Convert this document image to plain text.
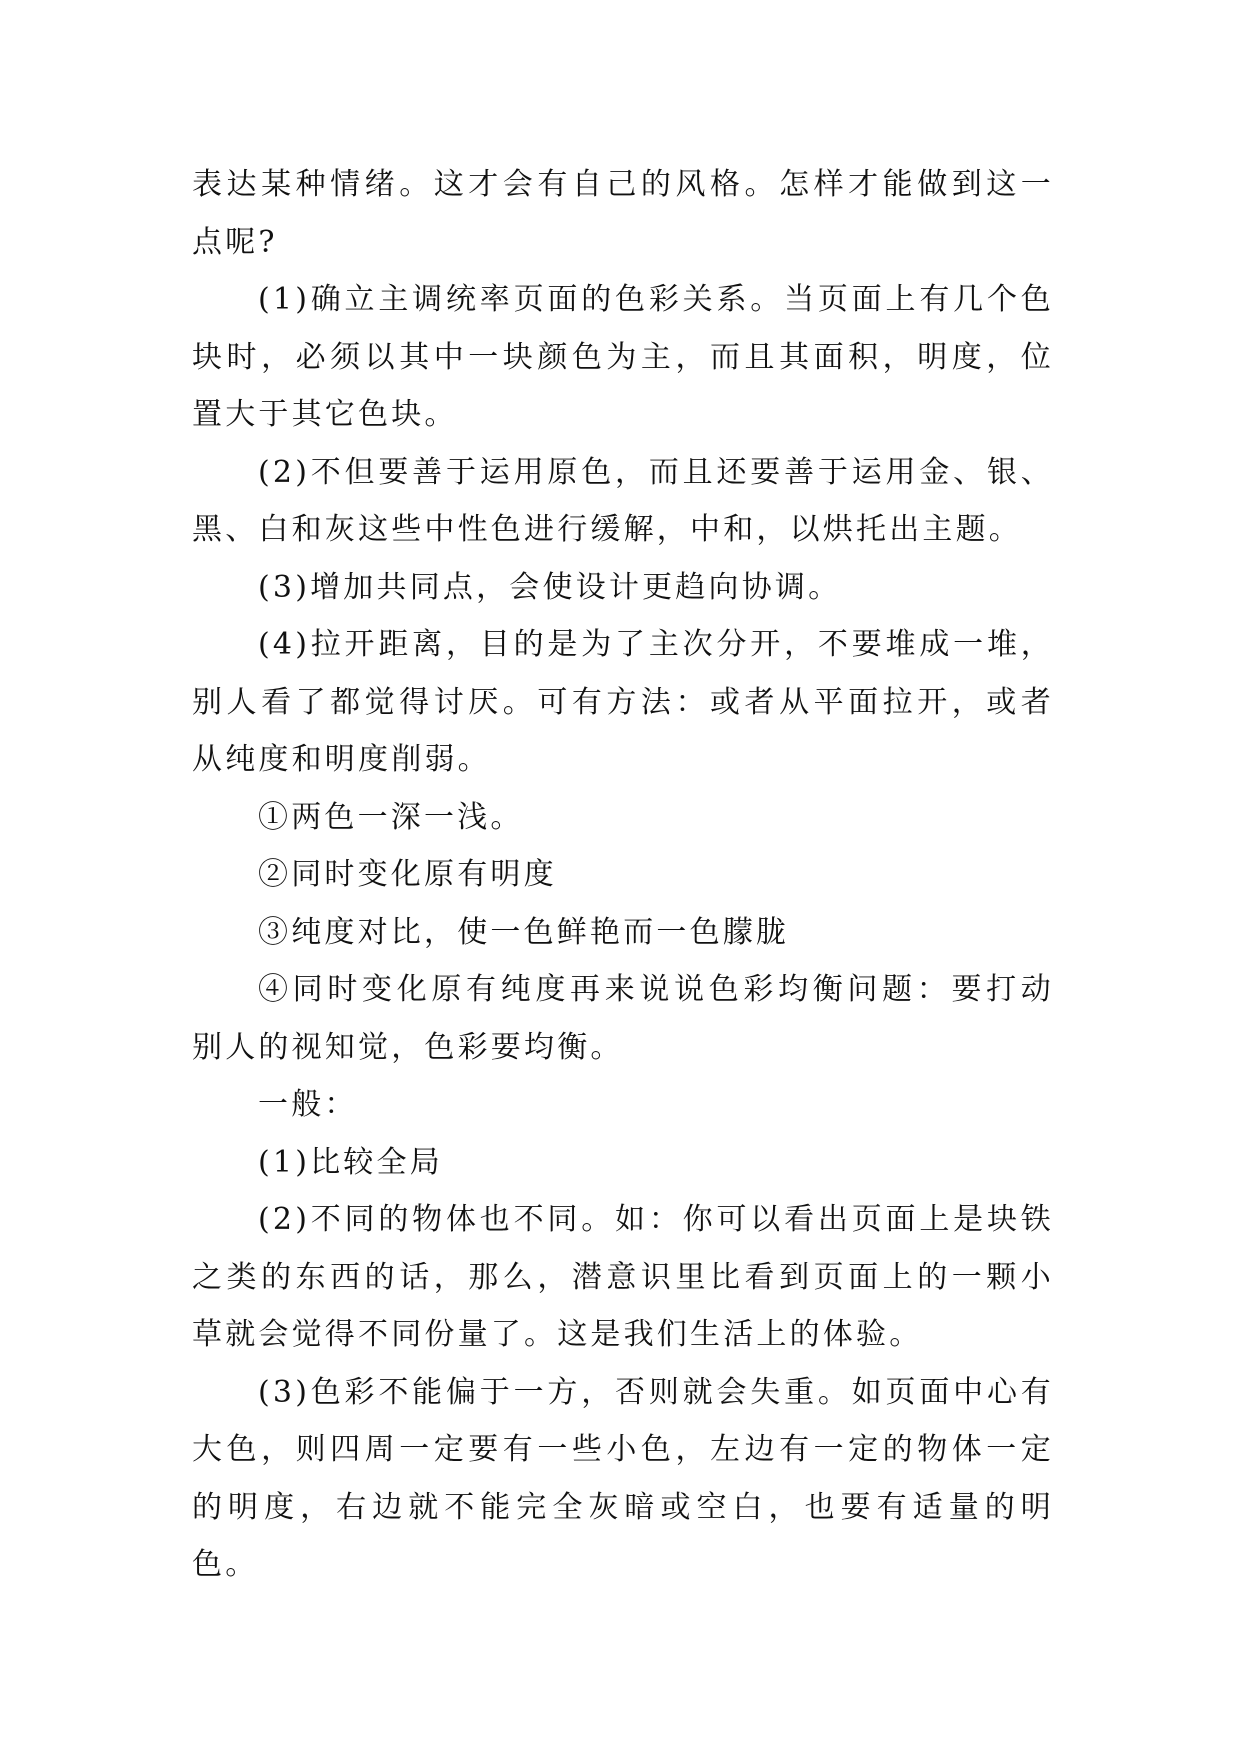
表达某种情绪。这才会有自己的风格。怎样才能做到这一点呢?

(1)确立主调统率页面的色彩关系。当页面上有几个色块时，必须以其中一块颜色为主，而且其面积，明度，位置大于其它色块。

(2)不但要善于运用原色，而且还要善于运用金、银、黑、白和灰这些中性色进行缓解，中和，以烘托出主题。

(3)增加共同点，会使设计更趋向协调。

(4)拉开距离，目的是为了主次分开，不要堆成一堆，别人看了都觉得讨厌。可有方法：或者从平面拉开，或者从纯度和明度削弱。

①两色一深一浅。

②同时变化原有明度

③纯度对比，使一色鲜艳而一色朦胧

④同时变化原有纯度再来说说色彩均衡问题：要打动别人的视知觉，色彩要均衡。

一般：

(1)比较全局

(2)不同的物体也不同。如：你可以看出页面上是块铁之类的东西的话，那么，潜意识里比看到页面上的一颗小草就会觉得不同份量了。这是我们生活上的体验。

(3)色彩不能偏于一方，否则就会失重。如页面中心有大色，则四周一定要有一些小色，左边有一定的物体一定的明度，右边就不能完全灰暗或空白，也要有适量的明色。
